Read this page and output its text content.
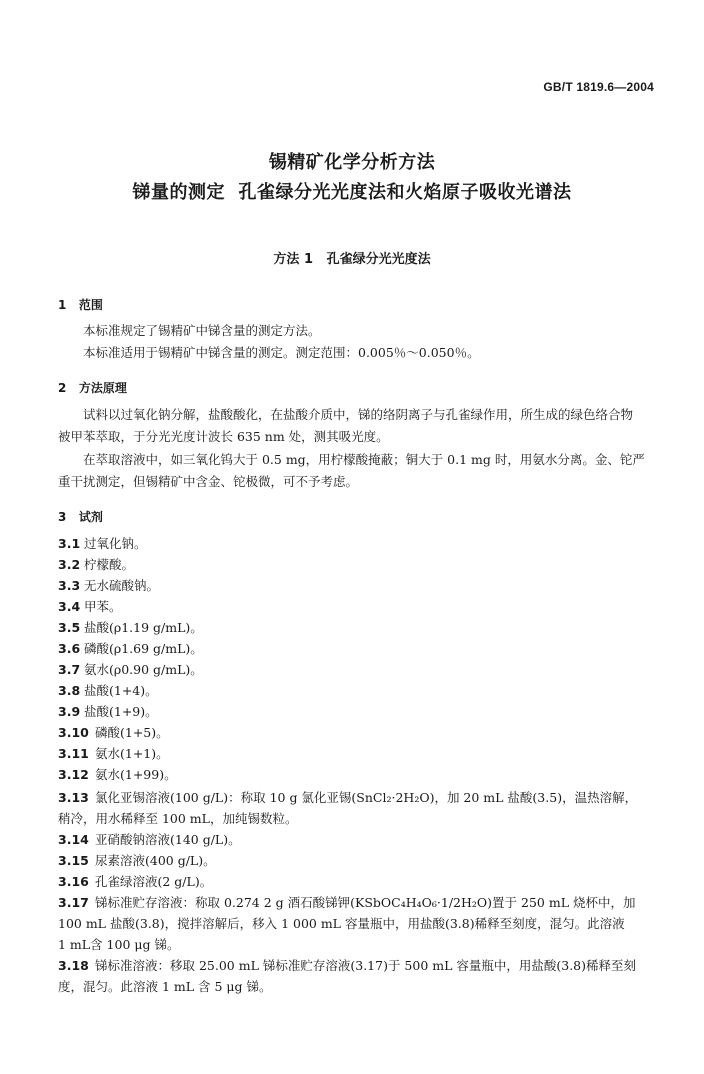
GB/T 1819.6—2004
锡精矿化学分析方法
锑量的测定  孔雀绿分光光度法和火焰原子吸收光谱法
方法 1   孔雀绿分光光度法
1   范围
本标准规定了锡精矿中锑含量的测定方法。
本标准适用于锡精矿中锑含量的测定。测定范围：0.005％～0.050％。
2   方法原理
试料以过氧化钠分解，盐酸酸化，在盐酸介质中，锑的络阴离子与孔雀绿作用，所生成的绿色络合物
被甲苯萃取，于分光光度计波长 635 nm 处，测其吸光度。
在萃取溶液中，如三氧化钨大于 0.5 mg，用柠檬酸掩蔽；铜大于 0.1 mg 时，用氨水分离。金、铊严
重干扰测定，但锡精矿中含金、铊极微，可不予考虑。
3   试剂
3.1 过氧化钠。
3.2 柠檬酸。
3.3 无水硫酸钠。
3.4 甲苯。
3.5 盐酸(ρ1.19 g/mL)。
3.6 磷酸(ρ1.69 g/mL)。
3.7 氨水(ρ0.90 g/mL)。
3.8 盐酸(1+4)。
3.9 盐酸(1+9)。
3.10 磷酸(1+5)。
3.11 氨水(1+1)。
3.12 氨水(1+99)。
3.13 氯化亚锡溶液(100 g/L)：称取 10 g 氯化亚锡(SnCl₂·2H₂O)，加 20 mL 盐酸(3.5)，温热溶解，
稍冷，用水稀释至 100 mL，加纯锡数粒。
3.14 亚硝酸钠溶液(140 g/L)。
3.15 尿素溶液(400 g/L)。
3.16 孔雀绿溶液(2 g/L)。
3.17 锑标准贮存溶液：称取 0.274 2 g 酒石酸锑钾(KSbOC₄H₄O₆·1/2H₂O)置于 250 mL 烧杯中，加
100 mL 盐酸(3.8)，搅拌溶解后，移入 1 000 mL 容量瓶中，用盐酸(3.8)稀释至刻度，混匀。此溶液
1 mL含 100 μg 锑。
3.18 锑标准溶液：移取 25.00 mL 锑标准贮存溶液(3.17)于 500 mL 容量瓶中，用盐酸(3.8)稀释至刻
度，混匀。此溶液 1 mL 含 5 μg 锑。
